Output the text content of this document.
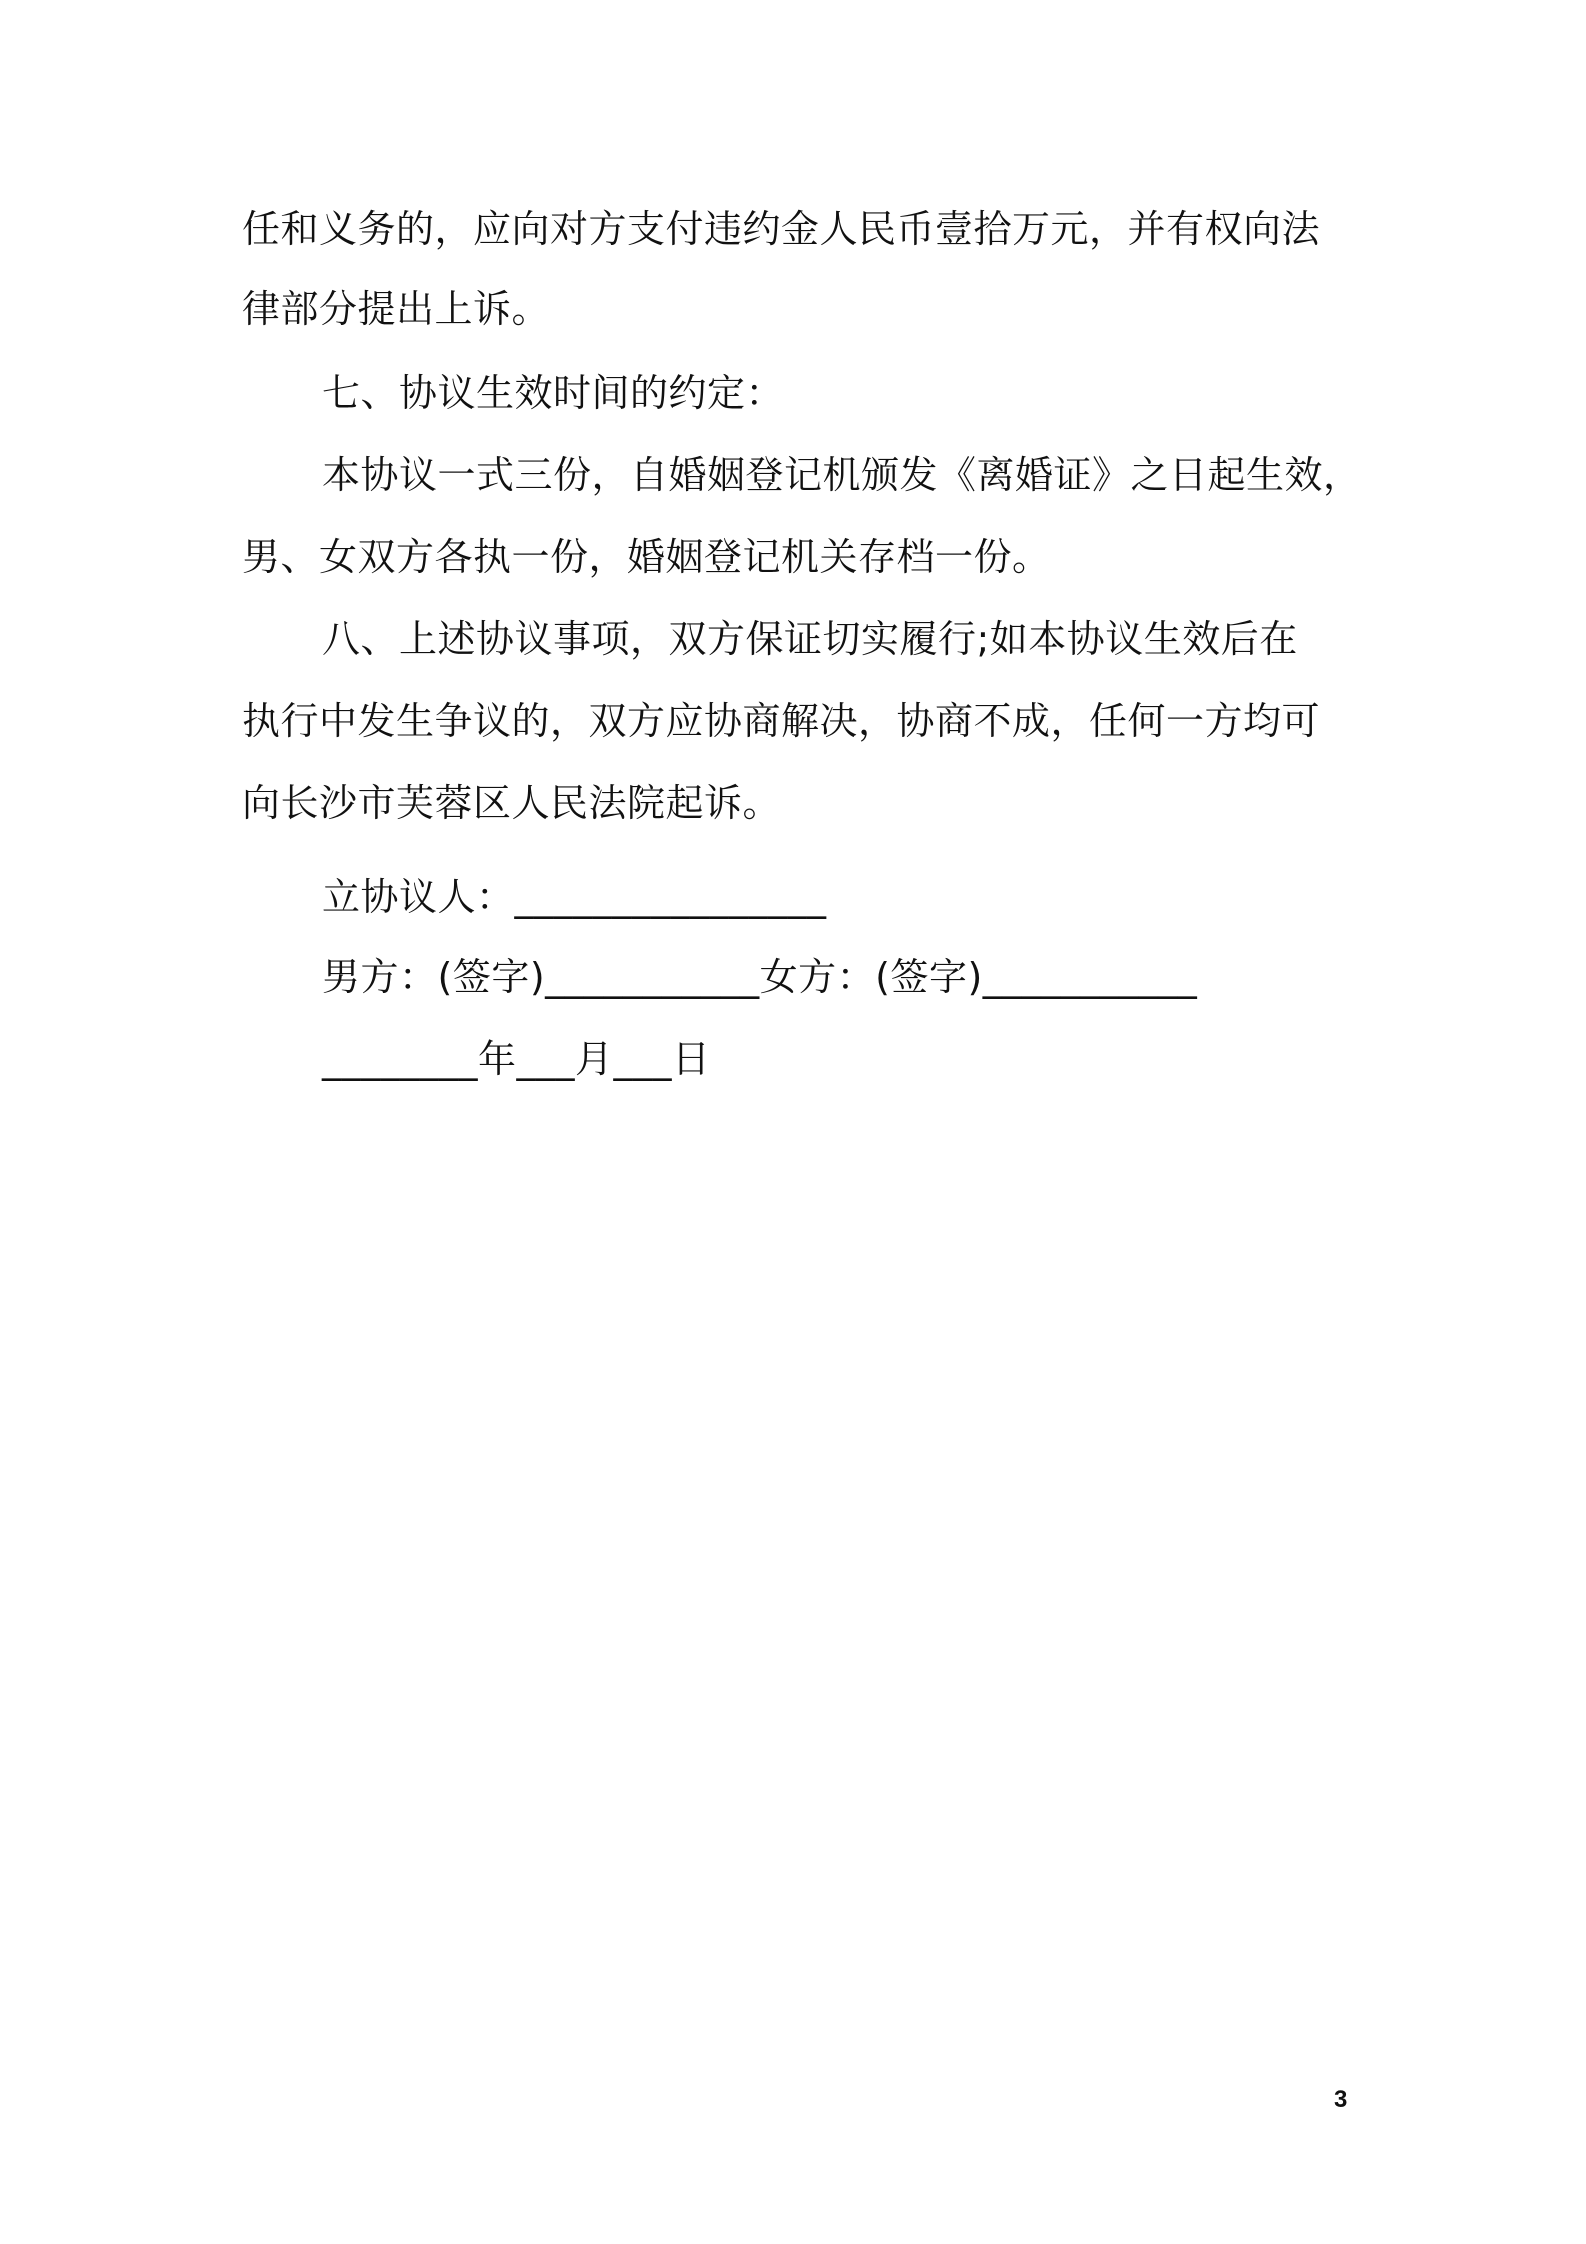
任和义务的，应向对方支付违约金人民币壹拾万元，并有权向法
律部分提出上诉。
七、协议生效时间的约定：
本协议一式三份，自婚姻登记机颁发《离婚证》之日起生效，
男、女双方各执一份，婚姻登记机关存档一份。
八、上述协议事项，双方保证切实履行;如本协议生效后在
执行中发生争议的，双方应协商解决，协商不成，任何一方均可
向长沙市芙蓉区人民法院起诉。
立协议人：________________
男方：(签字)___________女方：(签字)___________
________年___月___日
3
